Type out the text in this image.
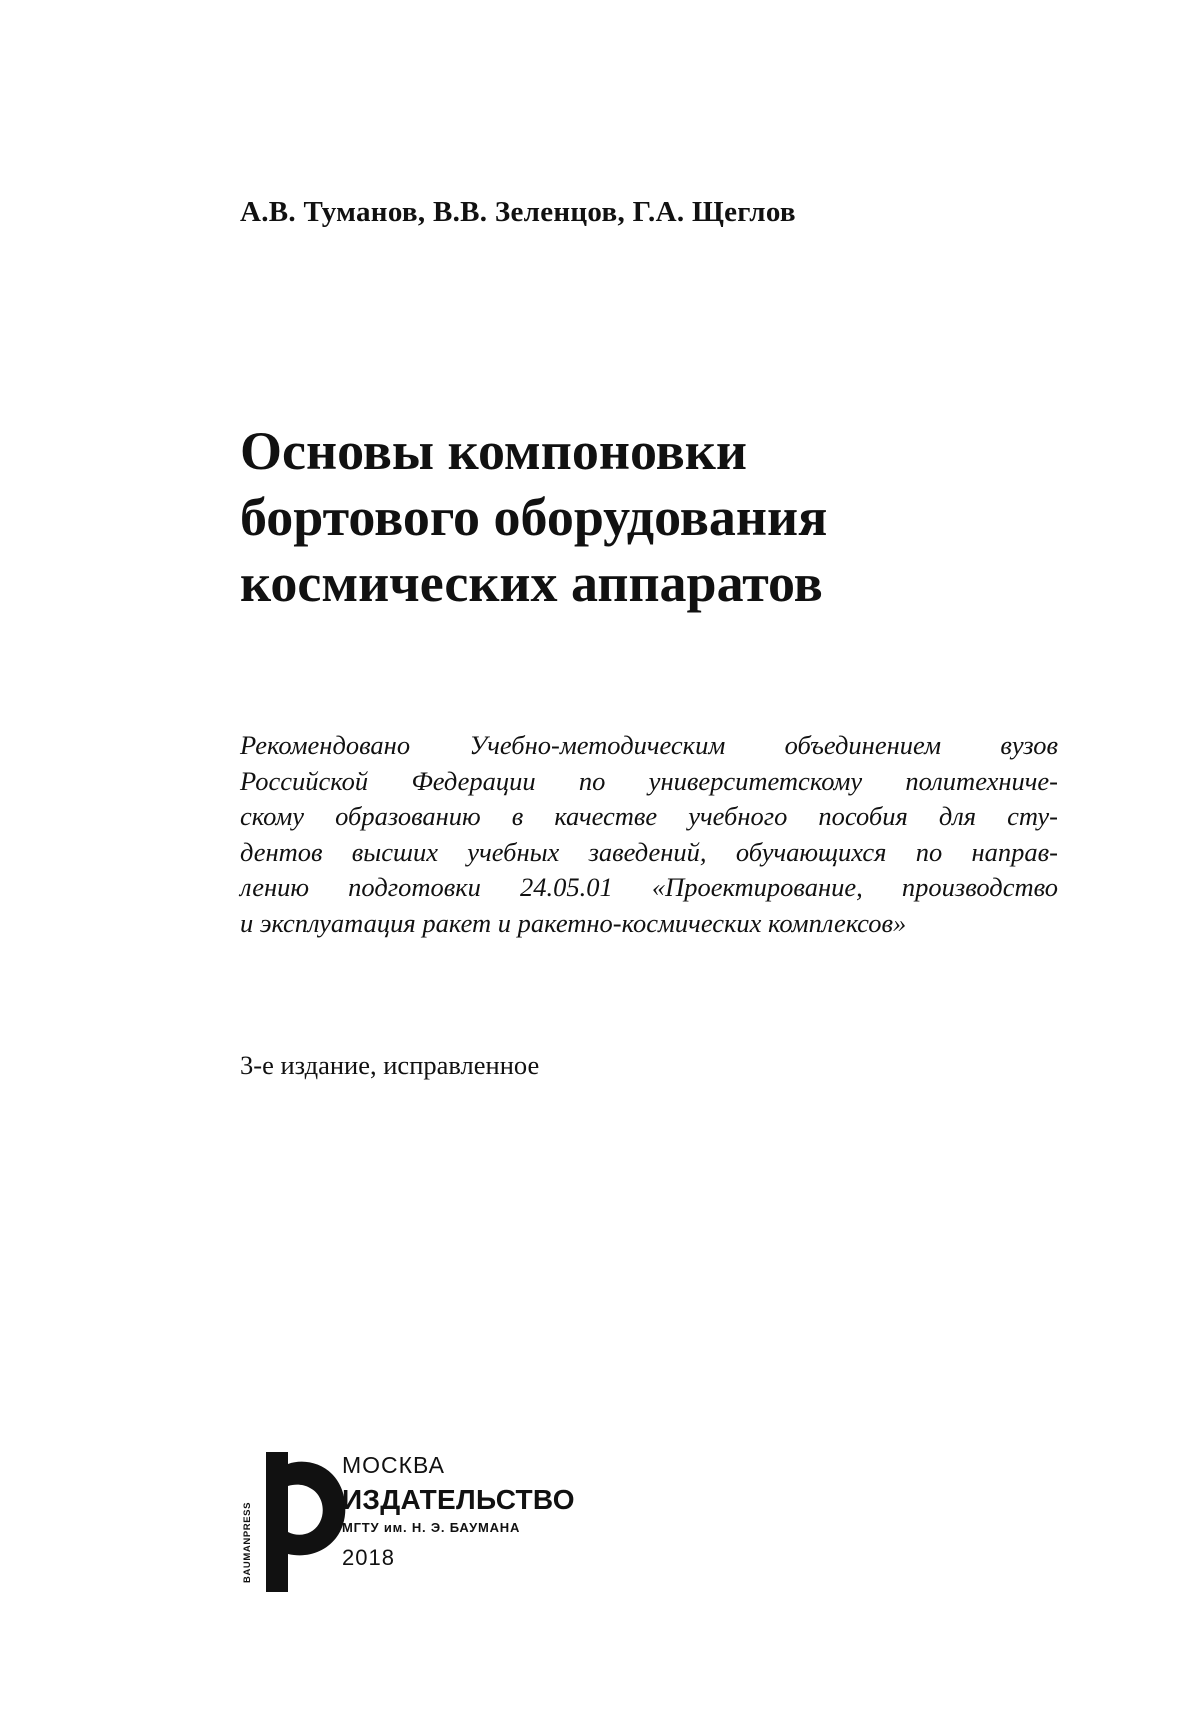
А.В. Туманов, В.В. Зеленцов, Г.А. Щеглов
Основы компоновки
бортового оборудования
космических аппаратов
Рекомендовано Учебно-методическим объединением вузов
Российской Федерации по университетскому политехниче-
скому образованию в качестве учебного пособия для сту-
дентов высших учебных заведений, обучающихся по направ-
лению подготовки 24.05.01 «Проектирование, производство
и эксплуатация ракет и ракетно-космических комплексов»
3-е издание, исправленное
BAUMANPRESS
МОСКВА
ИЗДАТЕЛЬСТВО
МГТУ им. Н. Э. БАУМАНА
2018
